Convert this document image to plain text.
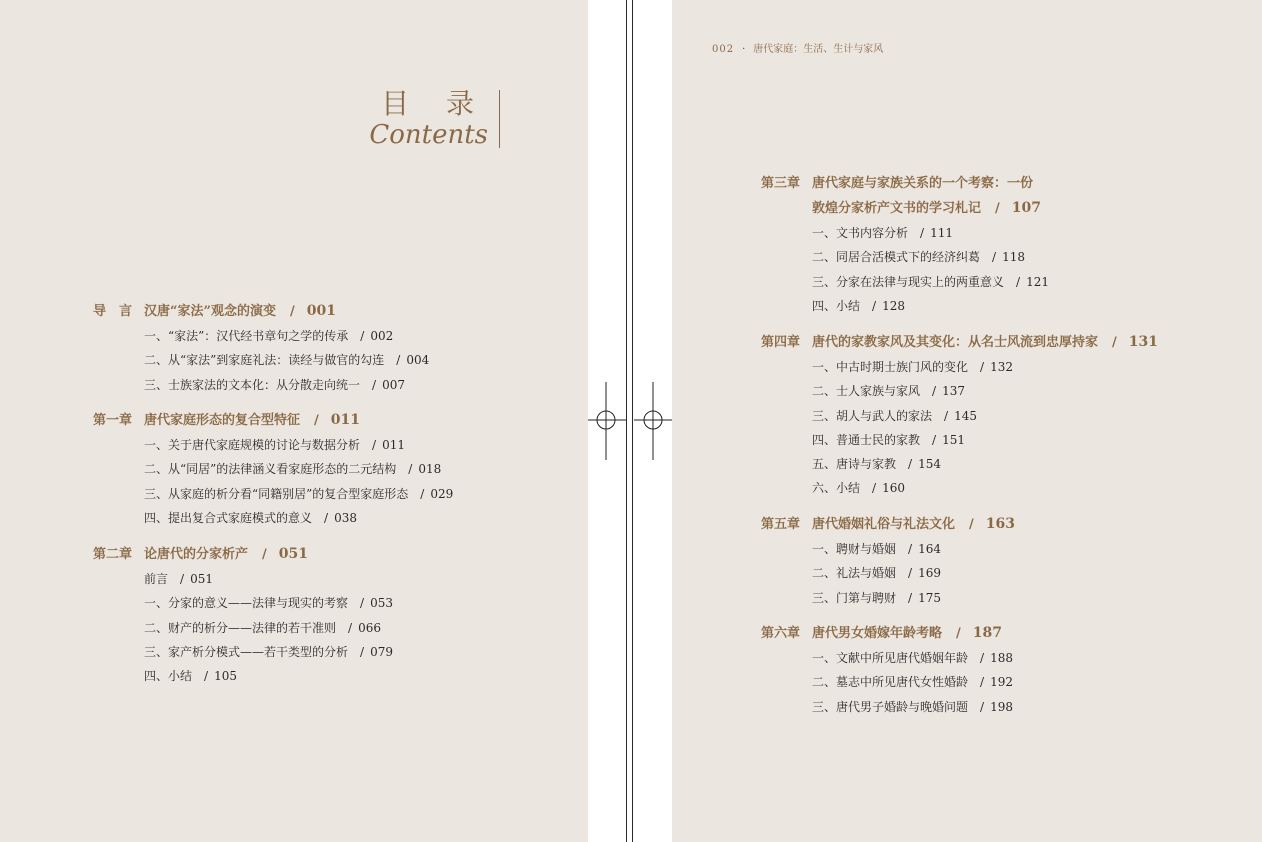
目 录
Contents
导　言 汉唐“家法”观念的演变 / 001
一、“家法”：汉代经书章句之学的传承 / 002
二、从“家法”到家庭礼法：读经与做官的勾连 / 004
三、士族家法的文本化：从分散走向统一 / 007
第一章 唐代家庭形态的复合型特征 / 011
一、关于唐代家庭规模的讨论与数据分析 / 011
二、从“同居”的法律涵义看家庭形态的二元结构 / 018
三、从家庭的析分看“同籍别居”的复合型家庭形态 / 029
四、提出复合式家庭模式的意义 / 038
第二章 论唐代的分家析产 / 051
前言 / 051
一、分家的意义——法律与现实的考察 / 053
二、财产的析分——法律的若干准则 / 066
三、家产析分模式——若干类型的分析 / 079
四、小结 / 105
002 · 唐代家庭：生活、生计与家风
第三章 唐代家庭与家族关系的一个考察：一份
敦煌分家析产文书的学习札记 / 107
一、文书内容分析 / 111
二、同居合活模式下的经济纠葛 / 118
三、分家在法律与现实上的两重意义 / 121
四、小结 / 128
第四章 唐代的家教家风及其变化：从名士风流到忠厚持家 / 131
一、中古时期士族门风的变化 / 132
二、士人家族与家风 / 137
三、胡人与武人的家法 / 145
四、普通士民的家教 / 151
五、唐诗与家教 / 154
六、小结 / 160
第五章 唐代婚姻礼俗与礼法文化 / 163
一、聘财与婚姻 / 164
二、礼法与婚姻 / 169
三、门第与聘财 / 175
第六章 唐代男女婚嫁年龄考略 / 187
一、文献中所见唐代婚姻年龄 / 188
二、墓志中所见唐代女性婚龄 / 192
三、唐代男子婚龄与晚婚问题 / 198
